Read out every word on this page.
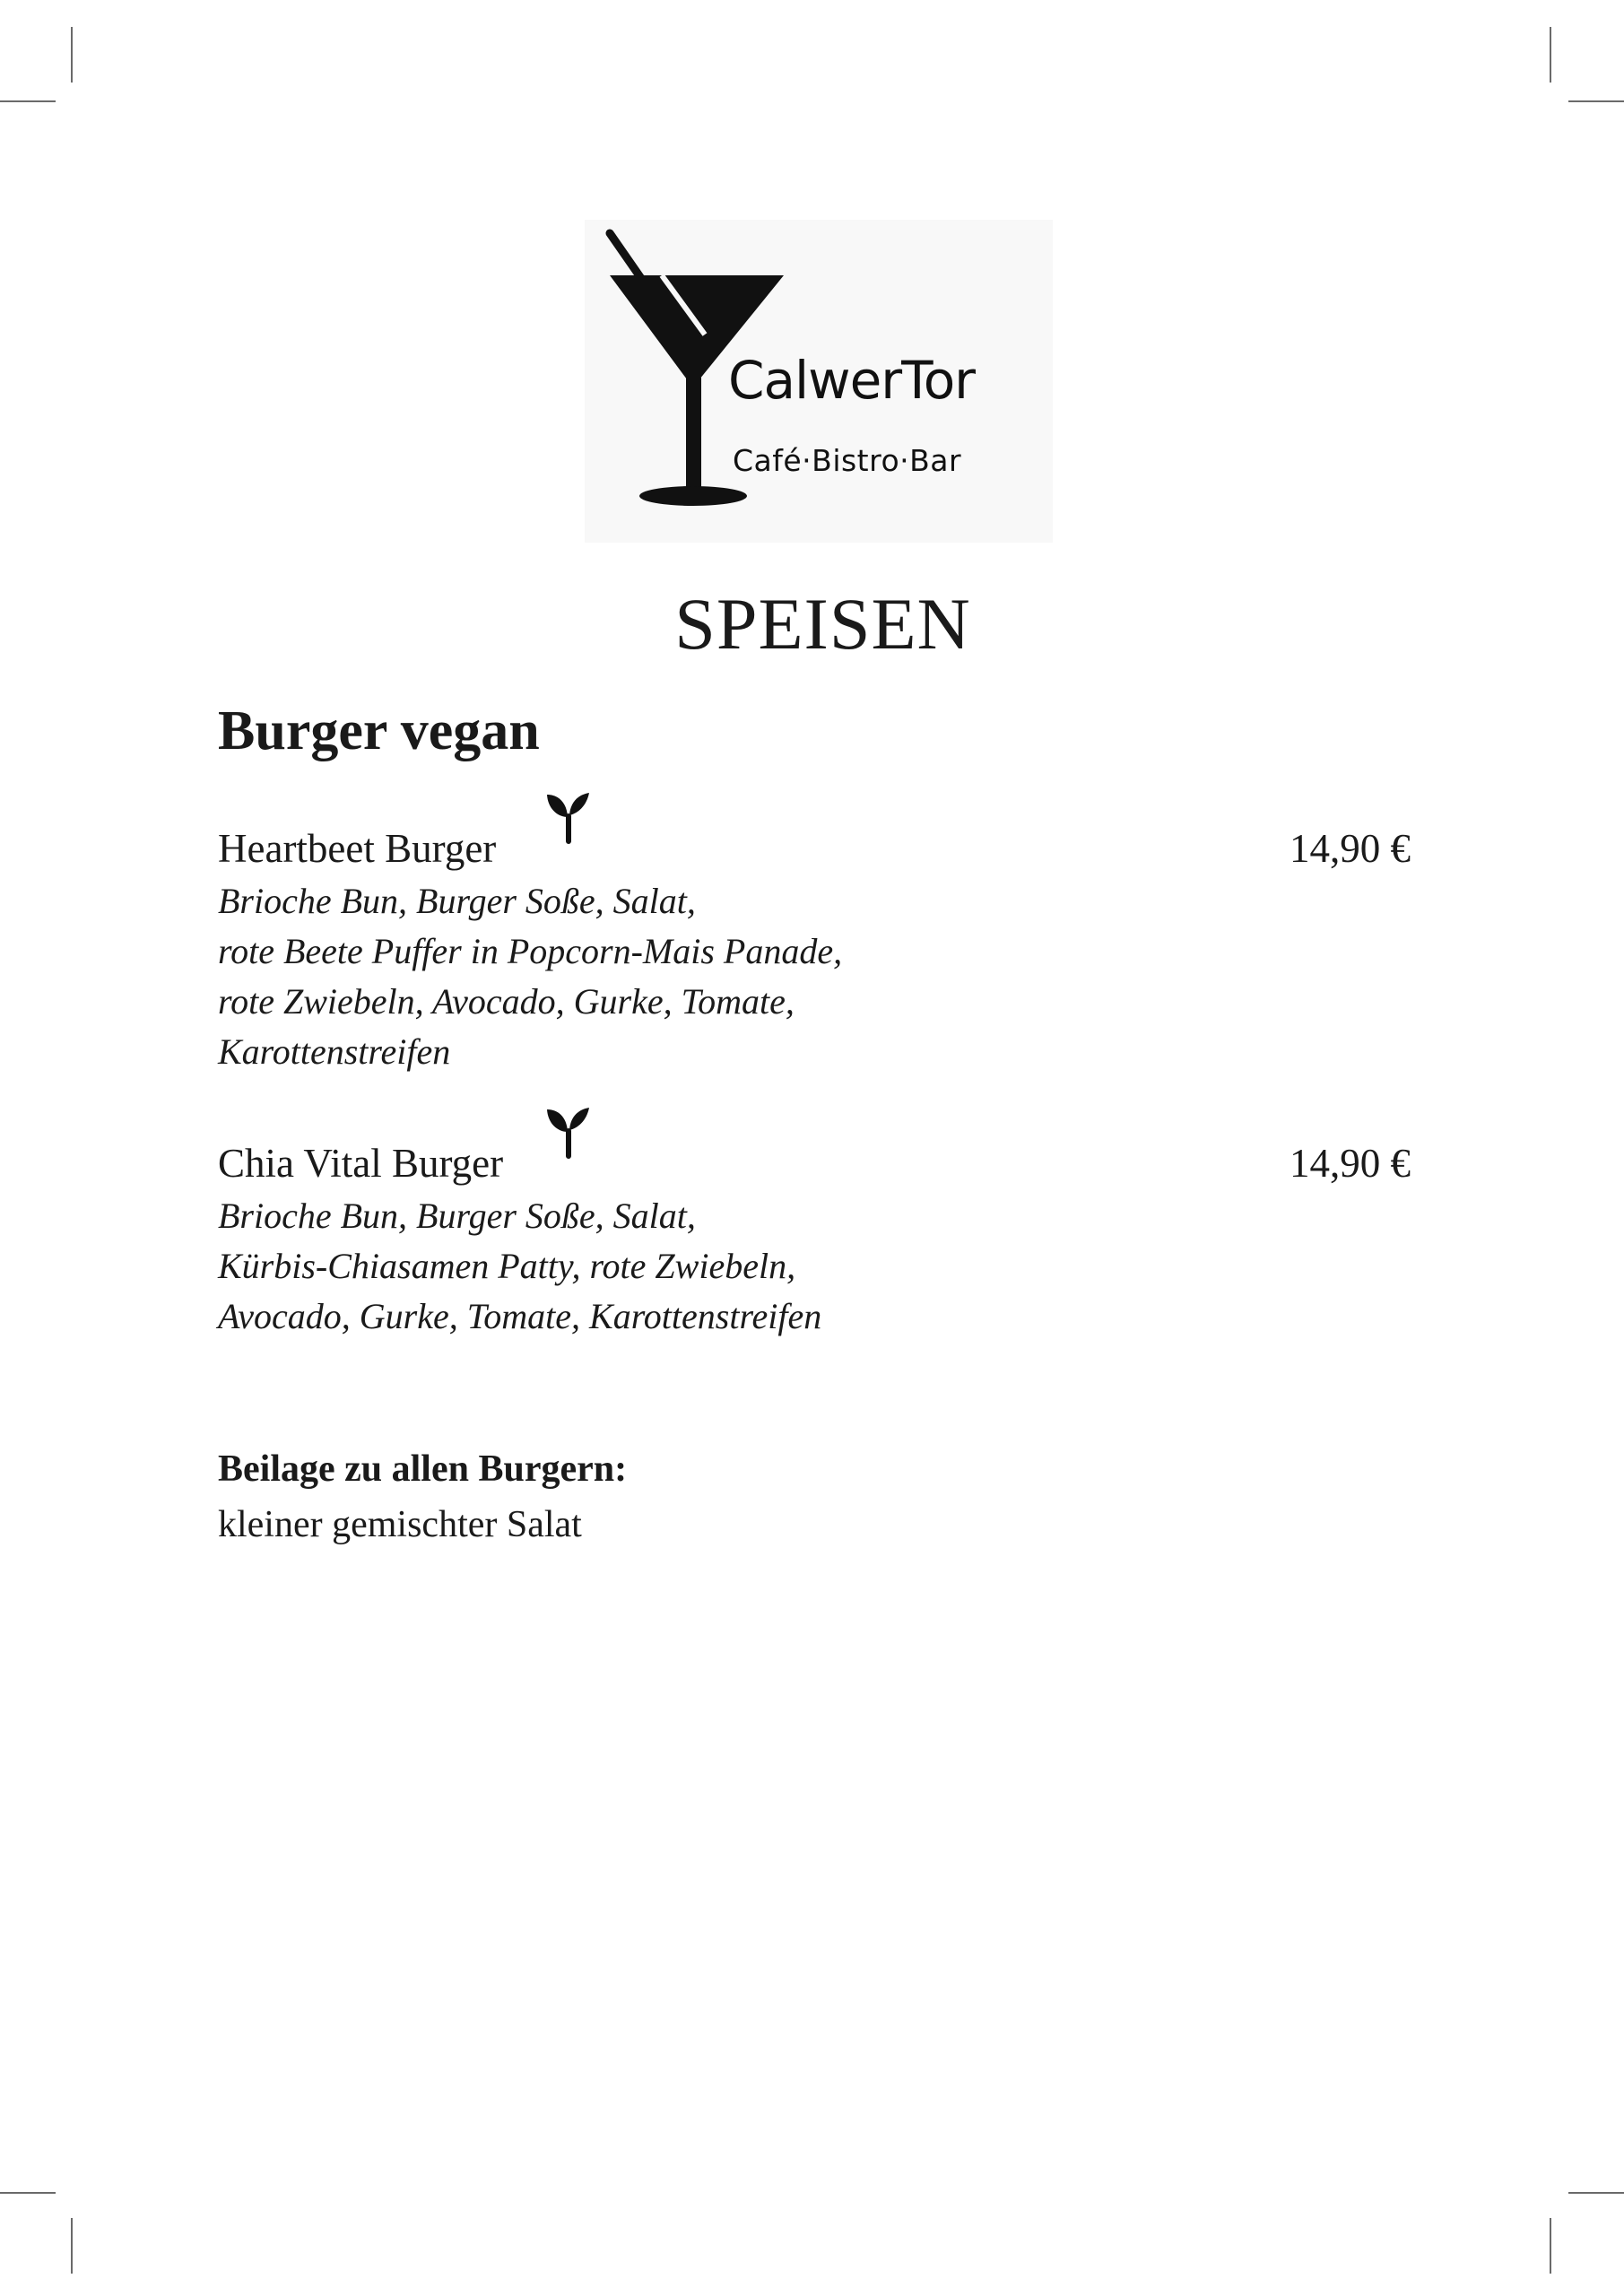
CalwerTor
Café·Bistro·Bar
SPEISEN
Burger vegan
Heartbeet Burger	14,90 €
Brioche Bun, Burger Soße, Salat,
rote Beete Puffer in Popcorn-Mais Panade,
rote Zwiebeln, Avocado, Gurke, Tomate,
Karottenstreifen
Chia Vital Burger	14,90 €
Brioche Bun, Burger Soße, Salat,
Kürbis-Chiasamen Patty, rote Zwiebeln,
Avocado, Gurke, Tomate, Karottenstreifen
Beilage zu allen Burgern:
kleiner gemischter Salat
